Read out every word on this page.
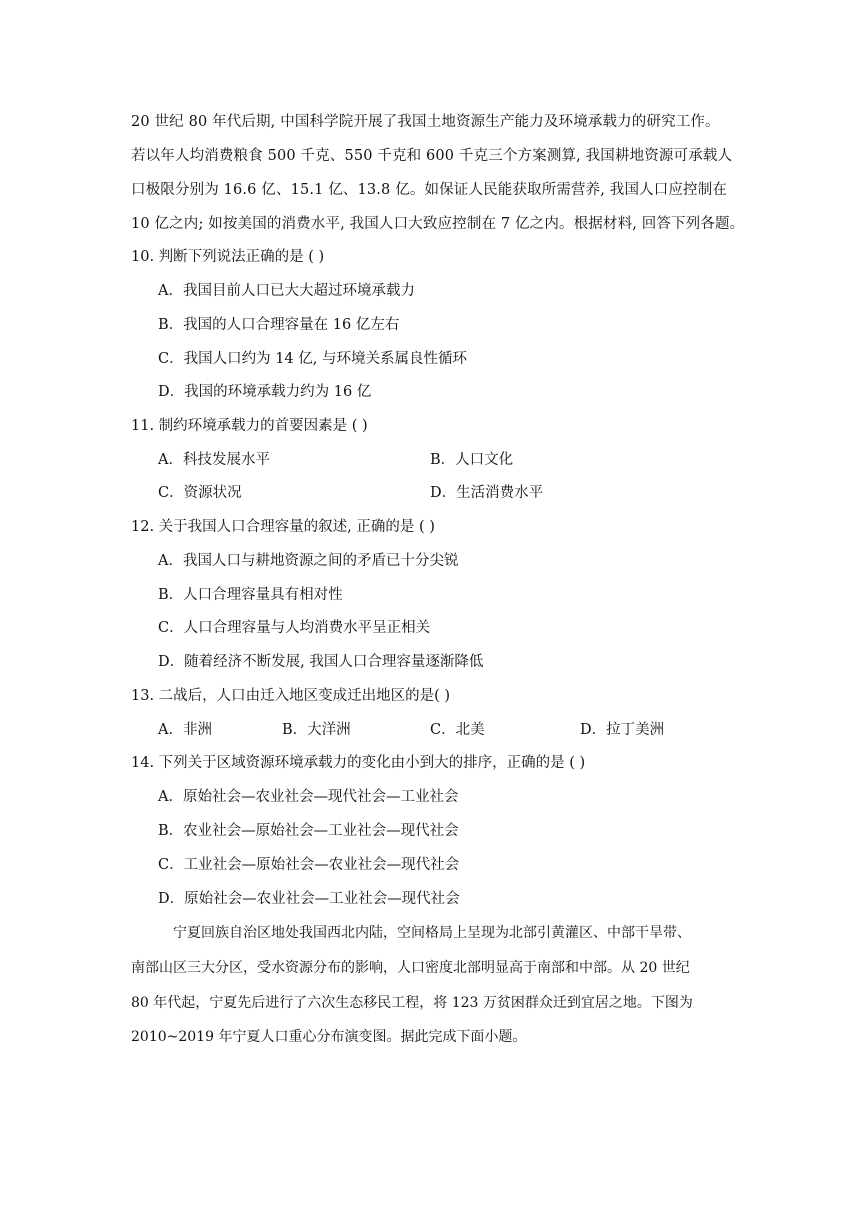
20 世纪 80 年代后期, 中国科学院开展了我国土地资源生产能力及环境承载力的研究工作。
若以年人均消费粮食 500 千克、550 千克和 600 千克三个方案测算, 我国耕地资源可承载人
口极限分别为 16.6 亿、15.1 亿、13.8 亿。如保证人民能获取所需营养, 我国人口应控制在
10 亿之内; 如按美国的消费水平, 我国人口大致应控制在 7 亿之内。根据材料, 回答下列各题。
10. 判断下列说法正确的是 ( )
A．我国目前人口已大大超过环境承载力
B．我国的人口合理容量在 16 亿左右
C．我国人口约为 14 亿, 与环境关系属良性循环
D．我国的环境承载力约为 16 亿
11. 制约环境承载力的首要因素是 ( )
A．科技发展水平	B．人口文化
C．资源状况	D．生活消费水平
12. 关于我国人口合理容量的叙述, 正确的是 ( )
A．我国人口与耕地资源之间的矛盾已十分尖锐
B．人口合理容量具有相对性
C．人口合理容量与人均消费水平呈正相关
D．随着经济不断发展, 我国人口合理容量逐渐降低
13. 二战后，人口由迁入地区变成迁出地区的是( )
A．非洲	B．大洋洲	C．北美	D．拉丁美洲
14. 下列关于区域资源环境承载力的变化由小到大的排序，正确的是 ( )
A．原始社会—农业社会—现代社会—工业社会
B．农业社会—原始社会—工业社会—现代社会
C．工业社会—原始社会—农业社会—现代社会
D．原始社会—农业社会—工业社会—现代社会
宁夏回族自治区地处我国西北内陆，空间格局上呈现为北部引黄灌区、中部干旱带、
南部山区三大分区，受水资源分布的影响，人口密度北部明显高于南部和中部。从 20 世纪
80 年代起，宁夏先后进行了六次生态移民工程，将 123 万贫困群众迁到宜居之地。下图为
2010~2019 年宁夏人口重心分布演变图。据此完成下面小题。
